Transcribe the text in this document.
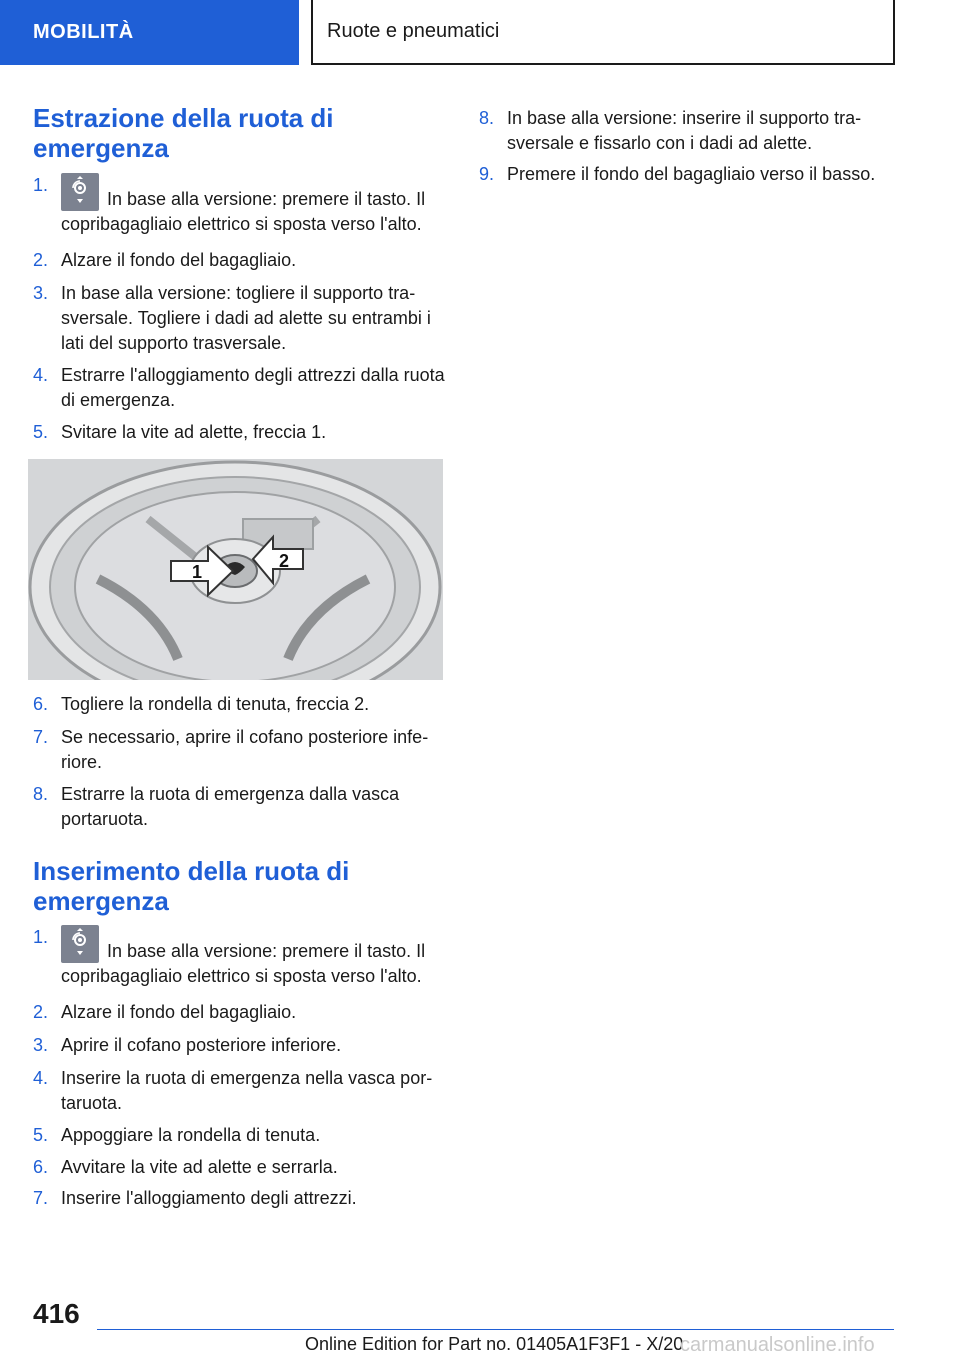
MOBILITÀ	Ruote e pneumatici
Estrazione della ruota di emergenza
1.
In base alla versione: premere il tasto. Il copribagagliaio elettrico si sposta verso l'alto.
2. Alzare il fondo del bagagliaio.
3. In base alla versione: togliere il supporto tra-sversale. Togliere i dadi ad alette su entrambi i lati del supporto trasversale.
4. Estrarre l'alloggiamento degli attrezzi dalla ruota di emergenza.
5. Svitare la vite ad alette, freccia 1.
6. Togliere la rondella di tenuta, freccia 2.
7. Se necessario, aprire il cofano posteriore infe-riore.
8. Estrarre la ruota di emergenza dalla vasca portaruota.
Inserimento della ruota di emergenza
1.
In base alla versione: premere il tasto. Il copribagagliaio elettrico si sposta verso l'alto.
2. Alzare il fondo del bagagliaio.
3. Aprire il cofano posteriore inferiore.
4. Inserire la ruota di emergenza nella vasca por-taruota.
5. Appoggiare la rondella di tenuta.
6. Avvitare la vite ad alette e serrarla.
7. Inserire l'alloggiamento degli attrezzi.
1
2
8. In base alla versione: inserire il supporto tra-sversale e fissarlo con i dadi ad alette.
9. Premere il fondo del bagagliaio verso il basso.
416
Online Edition for Part no. 01405A1F3F1 - X/20
carmanualsonline.info
